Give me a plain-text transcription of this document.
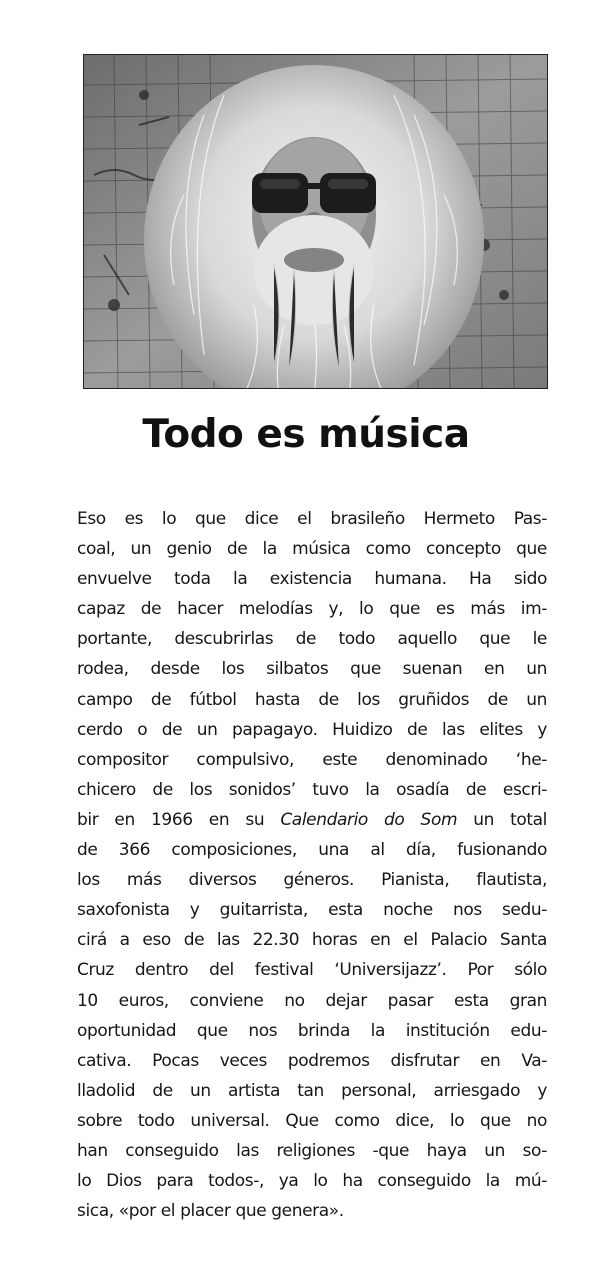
Todo es música
Eso es lo que dice el brasileño Hermeto Pas-
coal, un genio de la música como concepto que
envuelve toda la existencia humana. Ha sido
capaz de hacer melodías y, lo que es más im-
portante, descubrirlas de todo aquello que le
rodea, desde los silbatos que suenan en un
campo de fútbol hasta de los gruñidos de un
cerdo o de un papagayo. Huidizo de las elites y
compositor compulsivo, este denominado ‘he-
chicero de los sonidos’ tuvo la osadía de escri-
bir en 1966 en su Calendario do Som un total
de 366 composiciones, una al día, fusionando
los más diversos géneros. Pianista, flautista,
saxofonista y guitarrista, esta noche nos sedu-
cirá a eso de las 22.30 horas en el Palacio Santa
Cruz dentro del festival ‘Universijazz’. Por sólo
10 euros, conviene no dejar pasar esta gran
oportunidad que nos brinda la institución edu-
cativa. Pocas veces podremos disfrutar en Va-
lladolid de un artista tan personal, arriesgado y
sobre todo universal. Que como dice, lo que no
han conseguido las religiones -que haya un so-
lo Dios para todos-, ya lo ha conseguido la mú-
sica, «por el placer que genera».
